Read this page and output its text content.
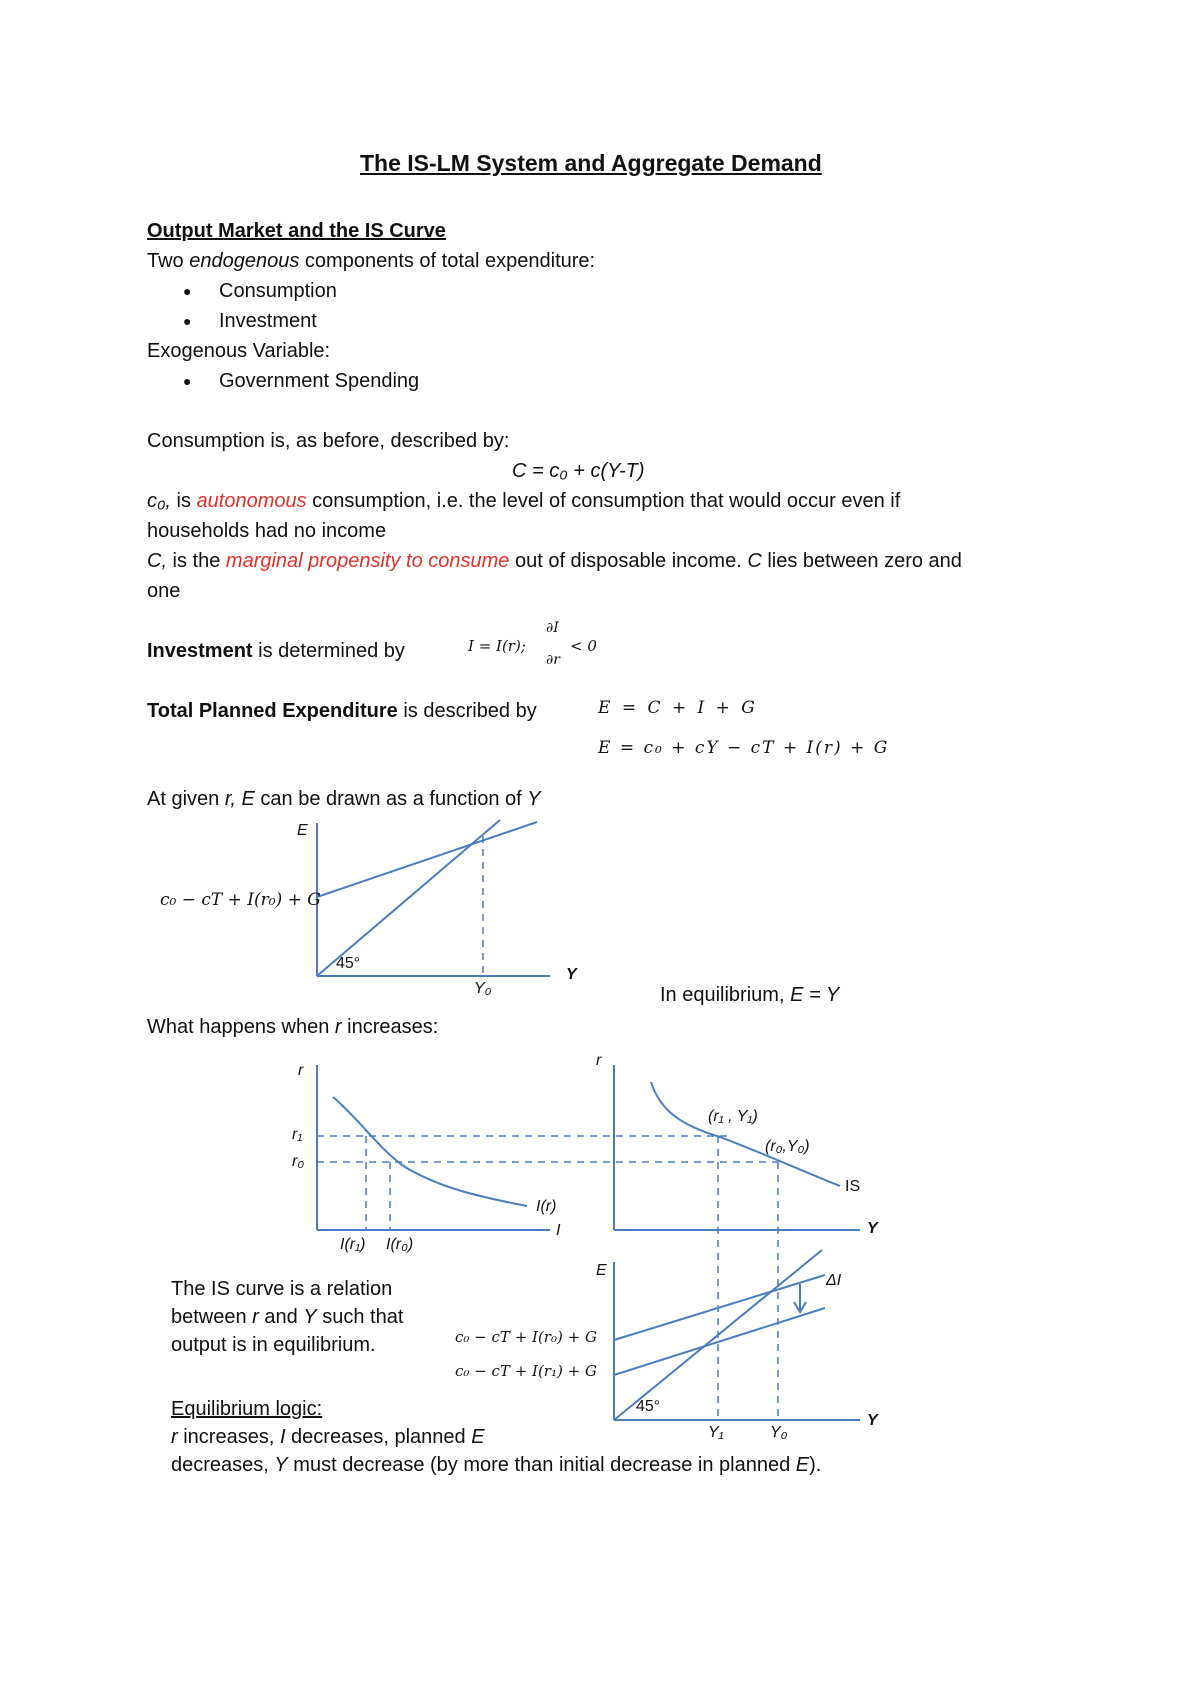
The IS-LM System and Aggregate Demand
Output Market and the IS Curve
Two endogenous components of total expenditure:
● Consumption
● Investment
Exogenous Variable:
● Government Spending
Consumption is, as before, described by:
C = c₀ + c(Y-T)
c₀, is autonomous consumption, i.e. the level of consumption that would occur even if
households had no income
C, is the marginal propensity to consume out of disposable income. C lies between zero and
one
Investment is determined by	I = I(r);
∂I
∂r
< 0
Total Planned Expenditure is described by	E = C + I + G
E = c₀ + cY − cT + I(r) + G
At given r, E can be drawn as a function of Y
E
Y
c₀ − cT + I(r₀) + G
45°
Y₀	In equilibrium, E = Y
What happens when r increases:
r
r₁
r₀
I(r)
I
I(r₁) I(r₀)
r
Y
(r₁ , Y₁)
(r₀,Y₀)
IS
E
Y
c₀ − cT + I(r₀) + G
c₀ − cT + I(r₁) + G
ΔI
45°
Y₁	Y₀
The IS curve is a relation
between r and Y such that
output is in equilibrium.
Equilibrium logic:
r increases, I decreases, planned E
decreases, Y must decrease (by more than initial decrease in planned E).
